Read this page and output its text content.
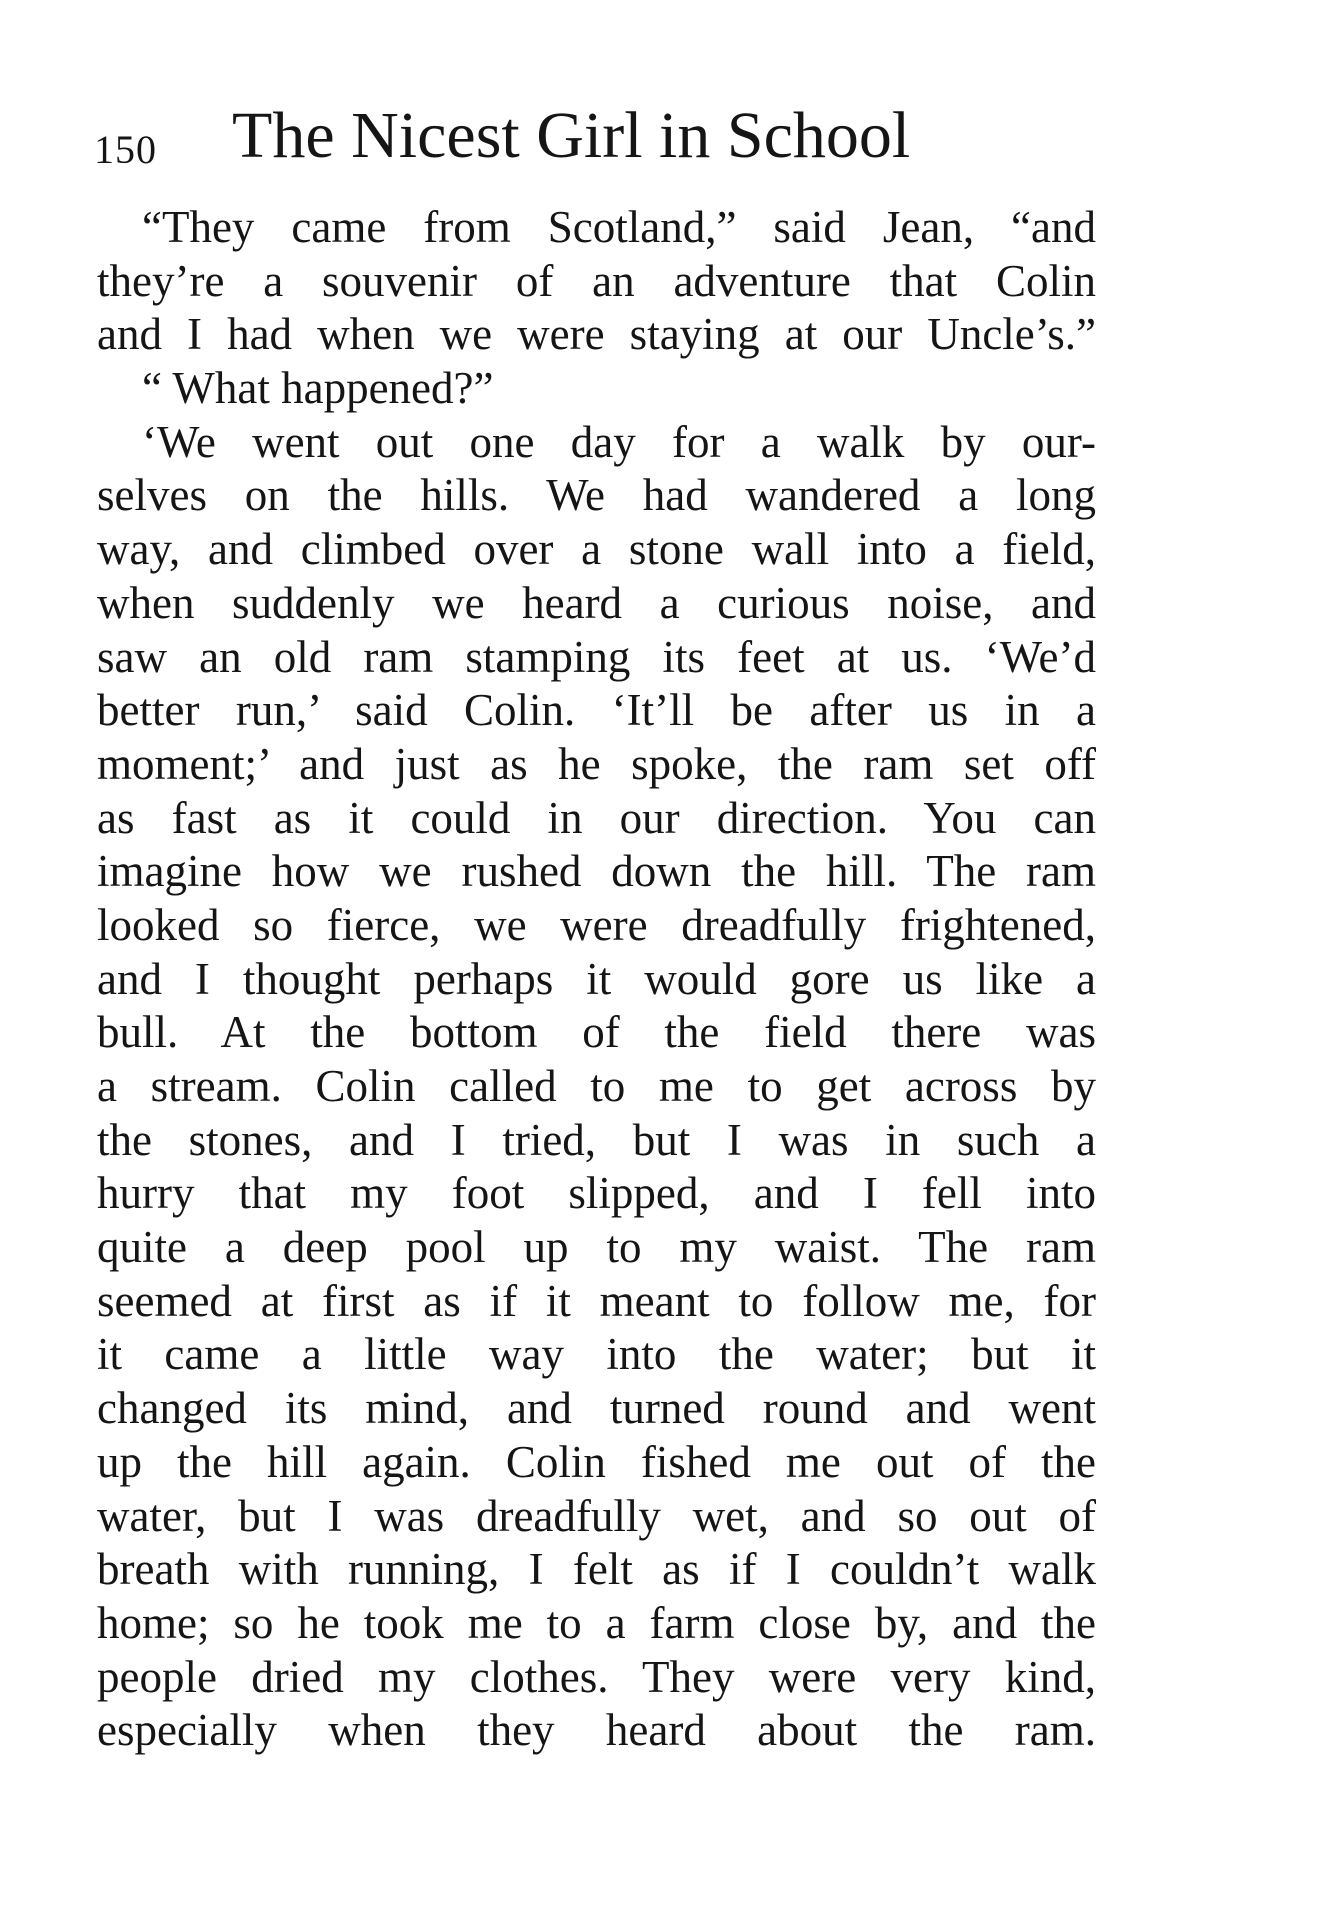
150 The Nicest Girl in School
“They came from Scotland,” said Jean, “and
they’re a souvenir of an adventure that Colin
and I had when we were staying at our Uncle’s.”
“ What happened?”
‘We went out one day for a walk by our-
selves on the hills. We had wandered a long
way, and climbed over a stone wall into a field,
when suddenly we heard a curious noise, and
saw an old ram stamping its feet at us. ‘We’d
better run,’ said Colin. ‘It’ll be after us in a
moment;’ and just as he spoke, the ram set off
as fast as it could in our direction. You can
imagine how we rushed down the hill. The ram
looked so fierce, we were dreadfully frightened,
and I thought perhaps it would gore us like a
bull. At the bottom of the field there was
a stream. Colin called to me to get across by
the stones, and I tried, but I was in such a
hurry that my foot slipped, and I fell into
quite a deep pool up to my waist. The ram
seemed at first as if it meant to follow me, for
it came a little way into the water; but it
changed its mind, and turned round and went
up the hill again. Colin fished me out of the
water, but I was dreadfully wet, and so out of
breath with running, I felt as if I couldn’t walk
home; so he took me to a farm close by, and the
people dried my clothes. They were very kind,
especially when they heard about the ram.
